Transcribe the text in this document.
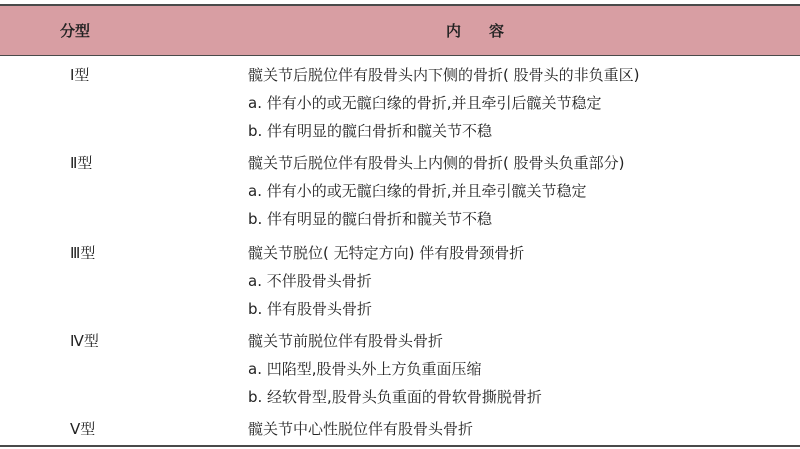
分型	内容
Ⅰ型	髋关节后脱位伴有股骨头内下侧的骨折( 股骨头的非负重区)
a. 伴有小的或无髋臼缘的骨折,并且牵引后髋关节稳定
b. 伴有明显的髋臼骨折和髋关节不稳
Ⅱ型	髋关节后脱位伴有股骨头上内侧的骨折( 股骨头负重部分)
a. 伴有小的或无髋臼缘的骨折,并且牵引髋关节稳定
b. 伴有明显的髋臼骨折和髋关节不稳
Ⅲ型	髋关节脱位( 无特定方向) 伴有股骨颈骨折
a. 不伴股骨头骨折
b. 伴有股骨头骨折
Ⅳ型	髋关节前脱位伴有股骨头骨折
a. 凹陷型,股骨头外上方负重面压缩
b. 经软骨型,股骨头负重面的骨软骨撕脱骨折
Ⅴ型	髋关节中心性脱位伴有股骨头骨折
